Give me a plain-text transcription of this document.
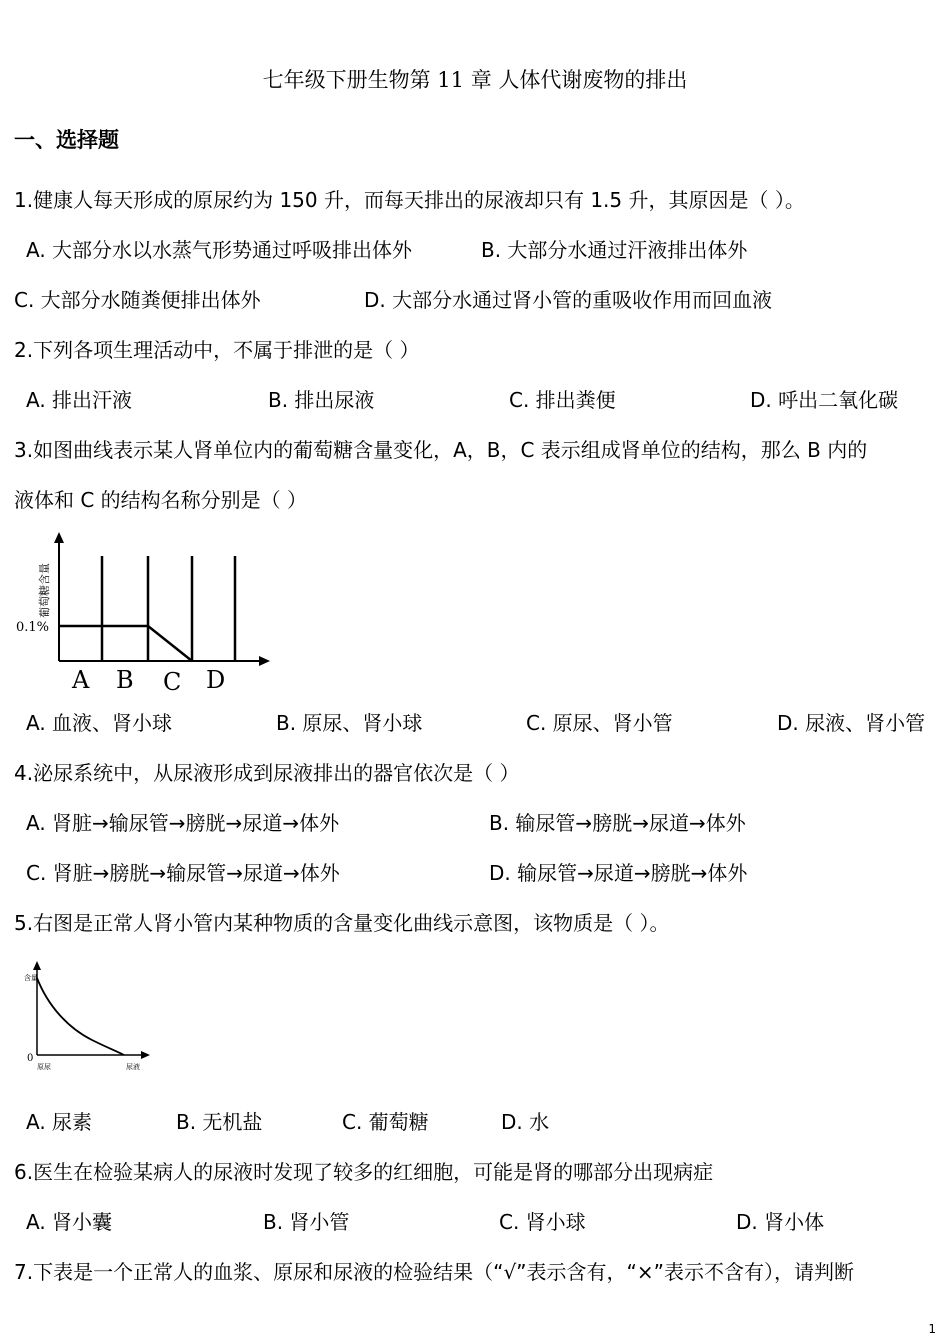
七年级下册生物第 11 章 人体代谢废物的排出
一、选择题
1.健康人每天形成的原尿约为 150 升，而每天排出的尿液却只有 1.5 升，其原因是（ ）。
A. 大部分水以水蒸气形势通过呼吸排出体外	B. 大部分水通过汗液排出体外
C. 大部分水随粪便排出体外	D. 大部分水通过肾小管的重吸收作用而回血液
2.下列各项生理活动中，不属于排泄的是（ ）
A. 排出汗液	B. 排出尿液	C. 排出粪便	D. 呼出二氧化碳
3.如图曲线表示某人肾单位内的葡萄糖含量变化，A，B，C 表示组成肾单位的结构，那么 B 内的
液体和 C 的结构名称分别是（ ）
0.1%
葡萄糖含量
A B C D
A. 血液、肾小球	B. 原尿、肾小球	C. 原尿、肾小管	D. 尿液、肾小管
4.泌尿系统中，从尿液形成到尿液排出的器官依次是（ ）
A. 肾脏→输尿管→膀胱→尿道→体外	B. 输尿管→膀胱→尿道→体外
C. 肾脏→膀胱→输尿管→尿道→体外	D. 输尿管→尿道→膀胱→体外
5.右图是正常人肾小管内某种物质的含量变化曲线示意图，该物质是（ ）。
含量
0
原尿	尿液
A. 尿素	B. 无机盐	C. 葡萄糖	D. 水
6.医生在检验某病人的尿液时发现了较多的红细胞，可能是肾的哪部分出现病症
A. 肾小囊	B. 肾小管	C. 肾小球	D. 肾小体
7.下表是一个正常人的血浆、原尿和尿液的检验结果（“√”表示含有，“×”表示不含有），请判断
1
